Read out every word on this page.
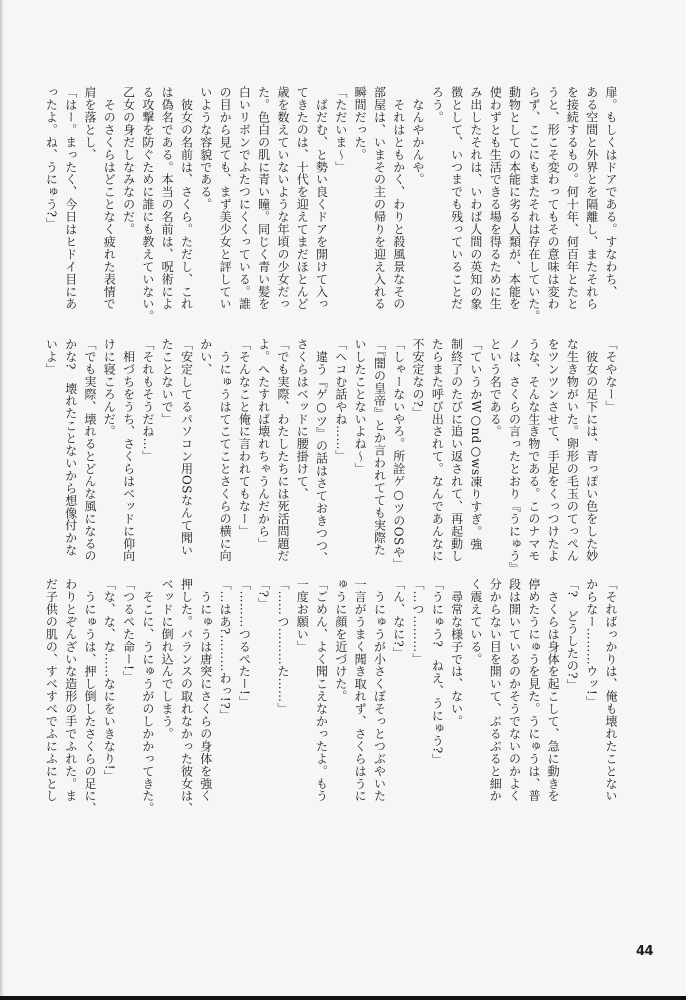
扉。もしくはドアである。すなわち、
ある空間と外界とを隔離し、またそれら
を接続するもの。何十年、何百年とたと
うと、形こそ変わってもその意味は変わ
らず、ここにもまたそれは存在していた。
動物としての本能に劣る人類が、本能を
使わずとも生活できる場を得るために生
み出したそれは、いわば人間の英知の象
徴として、いつまでも残っていることだ
ろう。
　なんやかんや。
　それはともかく、わりと殺風景なその
部屋は、いまその主の帰りを迎え入れる
瞬間だった。
「ただいま〜」
　ばだむ、と勢い良くドアを開けて入っ
てきたのは、十代を迎えてまだほとんど
歳を数えていないような年頃の少女だっ
た。色白の肌に青い瞳。同じく青い髪を
白いリボンでふたつにくくっている。誰
の目から見ても、まず美少女と評してい
いような容貌である。
　彼女の名前は、さくら。ただし、これ
は偽名である。本当の名前は、呪術によ
る攻撃を防ぐために誰にも教えていない。
乙女の身だしなみなのだ。
　そのさくらはどことなく疲れた表情で
肩を落とし、
「はー。まったく、今日はヒドイ目にあ
ったよ。ね、うにゅう?」
「そやなー」
　彼女の足下には、青っぽい色をした妙
な生き物がいた。卵形の毛玉のてっぺん
をツンツンさせて、手足をくっつけたよ
うな、そんな生き物である。このナマモ
ノは、さくらの言ったとおり『うにゅう』
という名である。
「ていうかW○nd○ws凍りすぎ。強
制終了のたびに追い返されて、再起動し
たらまた呼び出されて。なんであんなに
不安定なの?」
「しゃーないやろ。所詮ゲ○ツのOSや」
「『闇の皇帝』とか言われてても実際た
いしたことないよね〜」
「ヘコむ話やね……」
　違う『ゲ○ツ』の話はさておきつつ、
さくらはベッドに腰掛けて、
「でも実際、わたしたちには死活問題だ
よ。へたすれば壊れちゃうんだから」
「そんなこと俺に言われてもなー」
　うにゅうはてこてことさくらの横に向
かい、
「安定してるパソコン用OSなんて聞い
たことないで」
「それもそうだね…」
　相づちをうち、さくらはベッドに仰向
けに寝ころんだ。
「でも実際、壊れるとどんな風になるの
かな?　壊れたことないから想像付かな
いよ」
「そればっかりは、俺も壊れたことない
からなー………ウッ!」
「?　どうしたの?」
　さくらは身体を起こして、急に動きを
停めたうにゅうを見た。うにゅうは、普
段は開いているのかそうでないのかよく
分からない目を開いて、ぶるぶると細か
く震えている。
　尋常な様子では、ない。
「うにゅう?　ねえ、うにゅう?」
「…つ………」
「ん、なに?」
　うにゅうが小さくぼそっとつぶやいた
一言がうまく聞き取れず、さくらはうに
ゅうに顔を近づけた。
「ごめん、よく聞こえなかったよ。もう
一度お願い」
「……つ………た……」
「?」
「………つるぺたー!」
「…はあ?………わっ!?」
　うにゅうは唐突にさくらの身体を強く
押した。バランスの取れなかった彼女は、
ベッドに倒れ込んでしまう。
　そこに、うにゅうがのしかかってきた。
「つるぺた命ー!」
「な、な、な……なにをいきなり!」
　うにゅうは、押し倒したさくらの足に、
わりとぞんざいな造形の手でふれた。ま
だ子供の肌の、すべすべでふにふにとし
44
